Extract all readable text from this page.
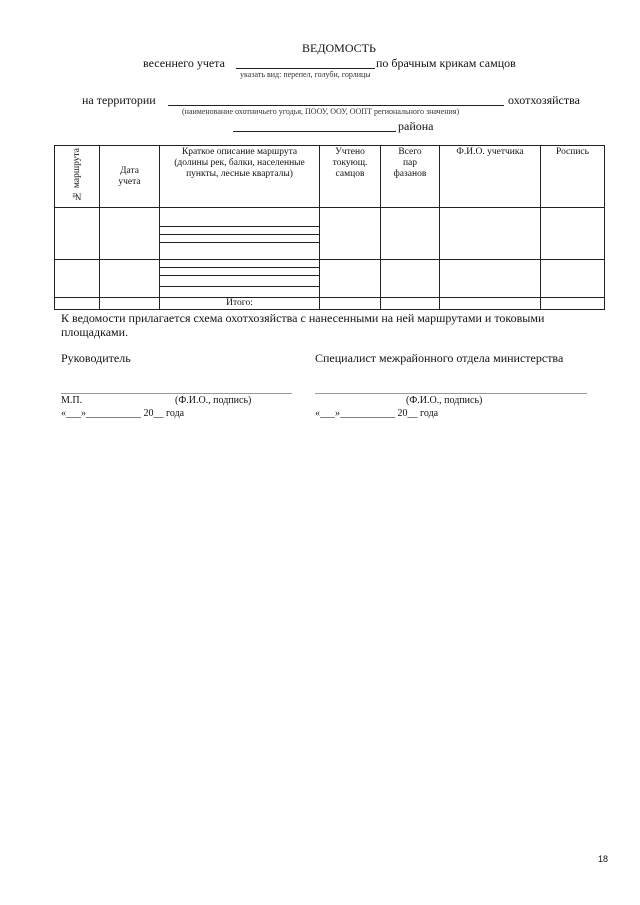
ВЕДОМОСТЬ
весеннего учета	по брачным крикам самцов
указать вид: перепел, голуби, горлицы
на территории	охотхозяйства
(наименование охотничьего угодья, ПООУ, ООУ, ООПТ регионального значения)
района
№ маршрута	Дата учета	Краткое описание маршрута (долины рек, балки, населенные пункты, лесные кварталы)	Учтено токующ. самцов	Всего пар фазанов	Ф.И.О. учетчика	Роспись

		Итого:				
К ведомости прилагается схема охотхозяйства с нанесенными на ней маршрутами и токовыми площадками.
Руководитель	Специалист межрайонного отдела министерства
М.П.	(Ф.И.О., подпись)	(Ф.И.О., подпись)
«___»___________ 20__ года	«___»___________ 20__ года
18
